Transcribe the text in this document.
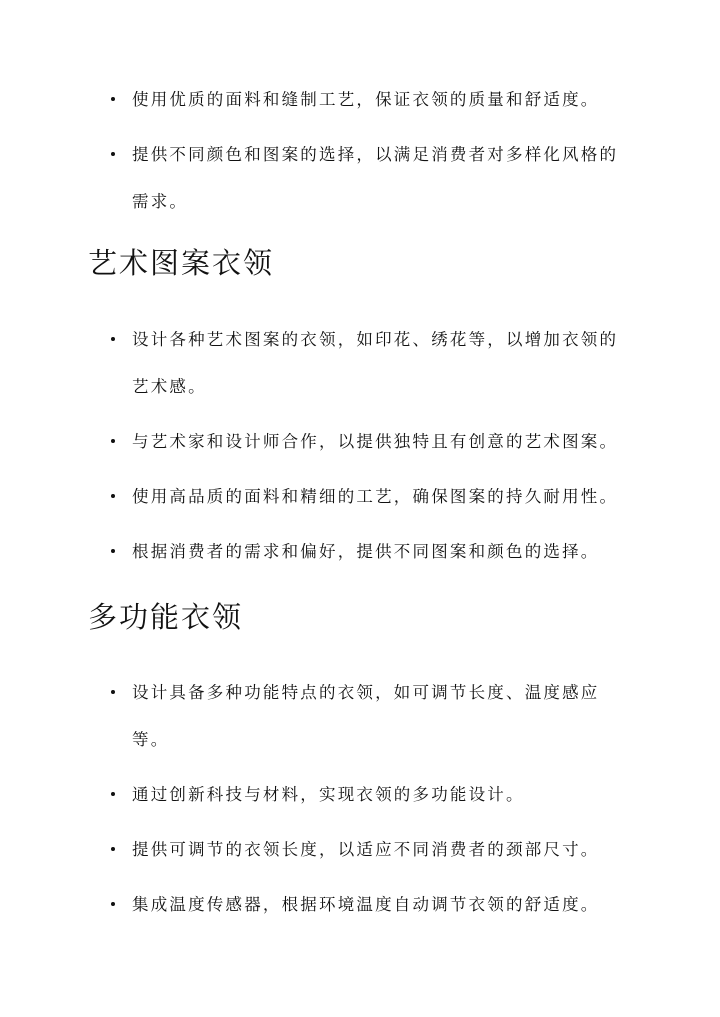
使用优质的面料和缝制工艺，保证衣领的质量和舒适度。
提供不同颜色和图案的选择，以满足消费者对多样化风格的需求。
艺术图案衣领
设计各种艺术图案的衣领，如印花、绣花等，以增加衣领的艺术感。
与艺术家和设计师合作，以提供独特且有创意的艺术图案。
使用高品质的面料和精细的工艺，确保图案的持久耐用性。
根据消费者的需求和偏好，提供不同图案和颜色的选择。
多功能衣领
设计具备多种功能特点的衣领，如可调节长度、温度感应等。
通过创新科技与材料，实现衣领的多功能设计。
提供可调节的衣领长度，以适应不同消费者的颈部尺寸。
集成温度传感器，根据环境温度自动调节衣领的舒适度。
